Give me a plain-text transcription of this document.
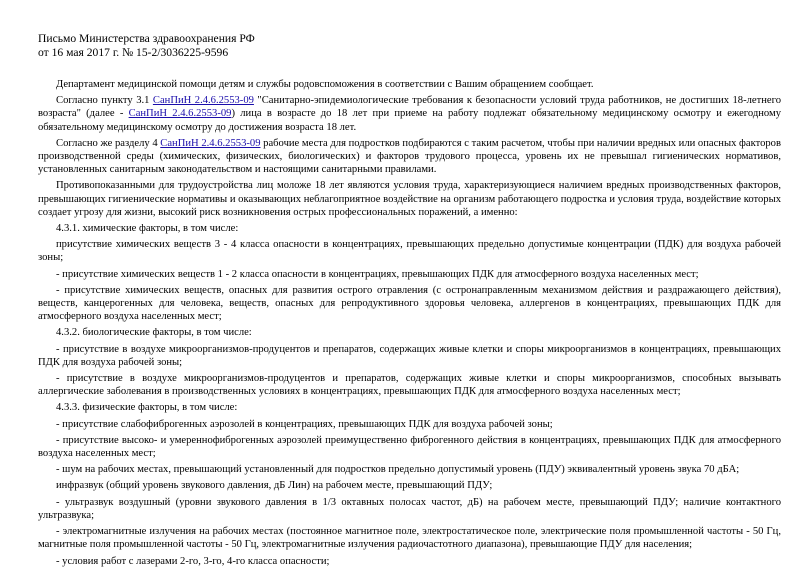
Письмо Министерства здравоохранения РФ
от 16 мая 2017 г. № 15-2/3036225-9596

Департамент медицинской помощи детям и службы родовспоможения в соответствии с Вашим обращением сообщает.

Согласно пункту 3.1 СанПиН 2.4.6.2553-09 "Санитарно-эпидемиологические требования к безопасности условий труда работников, не достигших 18-летнего возраста" (далее - СанПиН 2.4.6.2553-09) лица в возрасте до 18 лет при приеме на работу подлежат обязательному медицинскому осмотру и ежегодному обязательному медицинскому осмотру до достижения возраста 18 лет.

Согласно же разделу 4 СанПиН 2.4.6.2553-09 рабочие места для подростков подбираются с таким расчетом, чтобы при наличии вредных или опасных факторов производственной среды (химических, физических, биологических) и факторов трудового процесса, уровень их не превышал гигиенических нормативов, установленных санитарным законодательством и настоящими санитарными правилами.

Противопоказанными для трудоустройства лиц моложе 18 лет являются условия труда, характеризующиеся наличием вредных производственных факторов, превышающих гигиенические нормативы и оказывающих неблагоприятное воздействие на организм работающего подростка и условия труда, воздействие которых создает угрозу для жизни, высокий риск возникновения острых профессиональных поражений, а именно:

4.3.1. химические факторы, в том числе:

присутствие химических веществ 3 - 4 класса опасности в концентрациях, превышающих предельно допустимые концентрации (ПДК) для воздуха рабочей зоны;

- присутствие химических веществ 1 - 2 класса опасности в концентрациях, превышающих ПДК для атмосферного воздуха населенных мест;

- присутствие химических веществ, опасных для развития острого отравления (с остронаправленным механизмом действия и раздражающего действия), веществ, канцерогенных для человека, веществ, опасных для репродуктивного здоровья человека, аллергенов в концентрациях, превышающих ПДК для атмосферного воздуха населенных мест;

4.3.2. биологические факторы, в том числе:

- присутствие в воздухе микроорганизмов-продуцентов и препаратов, содержащих живые клетки и споры микроорганизмов в концентрациях, превышающих ПДК для воздуха рабочей зоны;

- присутствие в воздухе микроорганизмов-продуцентов и препаратов, содержащих живые клетки и споры микроорганизмов, способных вызывать аллергические заболевания в производственных условиях в концентрациях, превышающих ПДК для атмосферного воздуха населенных мест;

4.3.3. физические факторы, в том числе:

- присутствие слабофиброгенных аэрозолей в концентрациях, превышающих ПДК для воздуха рабочей зоны;

- присутствие высоко- и умереннофиброгенных аэрозолей преимущественно фиброгенного действия в концентрациях, превышающих ПДК для атмосферного воздуха населенных мест;

- шум на рабочих местах, превышающий установленный для подростков предельно допустимый уровень (ПДУ) эквивалентный уровень звука 70 дБА;

инфразвук (общий уровень звукового давления, дБ Лин) на рабочем месте, превышающий ПДУ;

- ультразвук воздушный (уровни звукового давления в 1/3 октавных полосах частот, дБ) на рабочем месте, превышающий ПДУ; наличие контактного ультразвука;

- электромагнитные излучения на рабочих местах (постоянное магнитное поле, электростатическое поле, электрические поля промышленной частоты - 50 Гц, магнитные поля промышленной частоты - 50 Гц, электромагнитные излучения радиочастотного диапазона), превышающие ПДУ для населения;

- условия работ с лазерами 2-го, 3-го, 4-го класса опасности;
